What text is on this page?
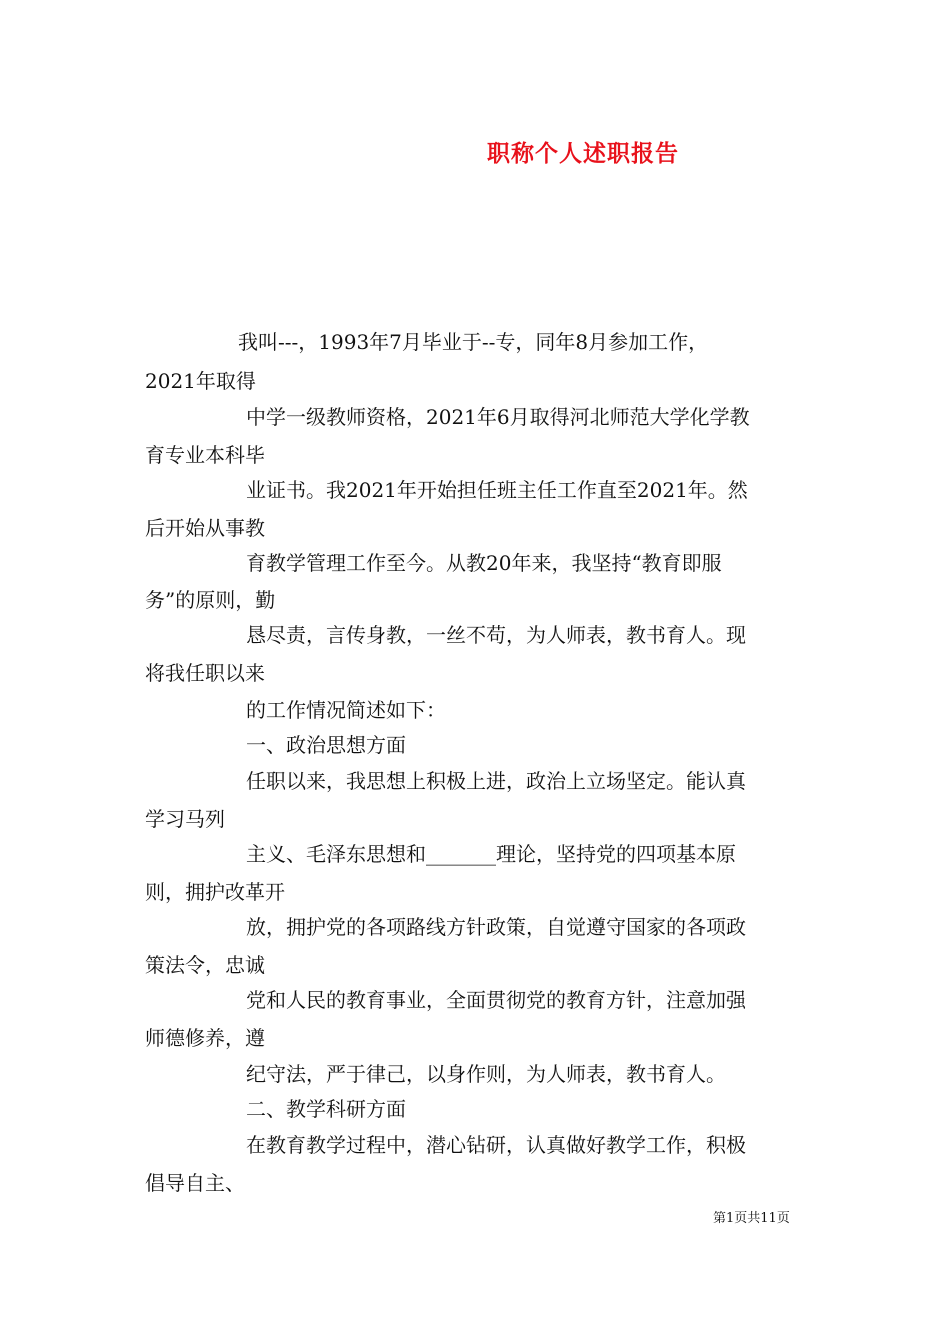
职称个人述职报告
我叫---，1993年7月毕业于--专，同年8月参加工作，
2021年取得
中学一级教师资格，2021年6月取得河北师范大学化学教
育专业本科毕
业证书。我2021年开始担任班主任工作直至2021年。然
后开始从事教
育教学管理工作至今。从教20年来，我坚持“教育即服
务”的原则，勤
恳尽责，言传身教，一丝不苟，为人师表，教书育人。现
将我任职以来
的工作情况简述如下：
一、政治思想方面
任职以来，我思想上积极上进，政治上立场坚定。能认真
学习马列
主义、毛泽东思想和_______理论，坚持党的四项基本原
则，拥护改革开
放，拥护党的各项路线方针政策，自觉遵守国家的各项政
策法令，忠诚
党和人民的教育事业，全面贯彻党的教育方针，注意加强
师德修养，遵
纪守法，严于律己，以身作则，为人师表，教书育人。
二、教学科研方面
在教育教学过程中，潜心钻研，认真做好教学工作，积极
倡导自主、
第1页共11页
